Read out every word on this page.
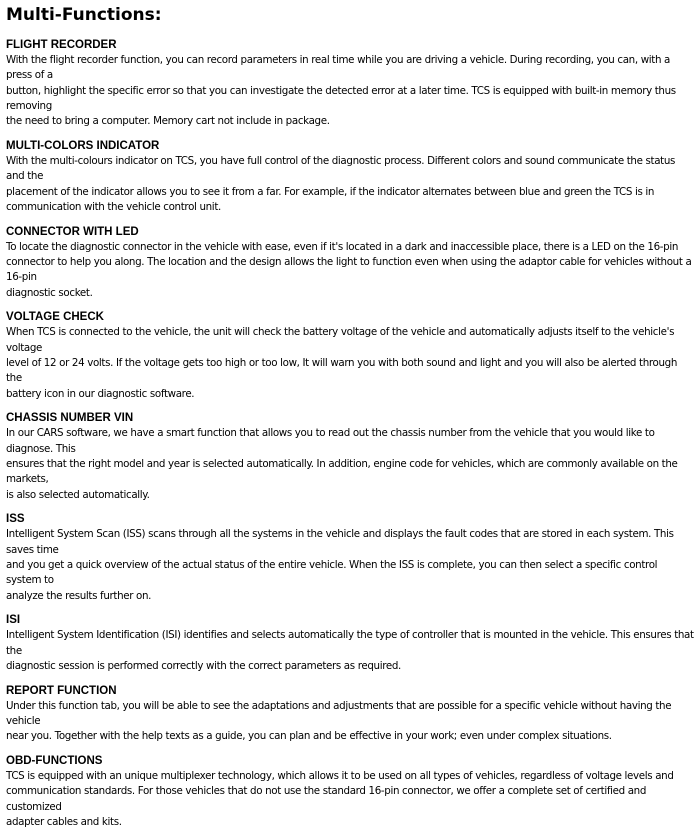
Multi-Functions:
FLIGHT RECORDER

With the flight recorder function, you can record parameters in real time while you are driving a vehicle. During recording, you can, with a press of a
button, highlight the specific error so that you can investigate the detected error at a later time. TCS is equipped with built-in memory thus removing
the need to bring a computer. Memory cart not include in package.

MULTI-COLORS INDICATOR

With the multi-colours indicator on TCS, you have full control of the diagnostic process. Different colors and sound communicate the status and the
placement of the indicator allows you to see it from a far. For example, if the indicator alternates between blue and green the TCS is in
communication with the vehicle control unit.

CONNECTOR WITH LED

To locate the diagnostic connector in the vehicle with ease, even if it's located in a dark and inaccessible place, there is a LED on the 16-pin
connector to help you along. The location and the design allows the light to function even when using the adaptor cable for vehicles without a 16-pin
diagnostic socket.

VOLTAGE CHECK

When TCS is connected to the vehicle, the unit will check the battery voltage of the vehicle and automatically adjusts itself to the vehicle's voltage
level of 12 or 24 volts. If the voltage gets too high or too low, It will warn you with both sound and light and you will also be alerted through the
battery icon in our diagnostic software.

CHASSIS NUMBER VIN

In our CARS software, we have a smart function that allows you to read out the chassis number from the vehicle that you would like to diagnose. This
ensures that the right model and year is selected automatically. In addition, engine code for vehicles, which are commonly available on the markets,
is also selected automatically.

ISS

Intelligent System Scan (ISS) scans through all the systems in the vehicle and displays the fault codes that are stored in each system. This saves time
and you get a quick overview of the actual status of the entire vehicle. When the ISS is complete, you can then select a specific control system to
analyze the results further on.

ISI

Intelligent System Identification (ISI) identifies and selects automatically the type of controller that is mounted in the vehicle. This ensures that the
diagnostic session is performed correctly with the correct parameters as required.

REPORT FUNCTION

Under this function tab, you will be able to see the adaptations and adjustments that are possible for a specific vehicle without having the vehicle
near you. Together with the help texts as a guide, you can plan and be effective in your work; even under complex situations.

OBD-FUNCTIONS

TCS is equipped with an unique multiplexer technology, which allows it to be used on all types of vehicles, regardless of voltage levels and
communication standards. For those vehicles that do not use the standard 16-pin connector, we offer a complete set of certified and customized
adapter cables and kits.
